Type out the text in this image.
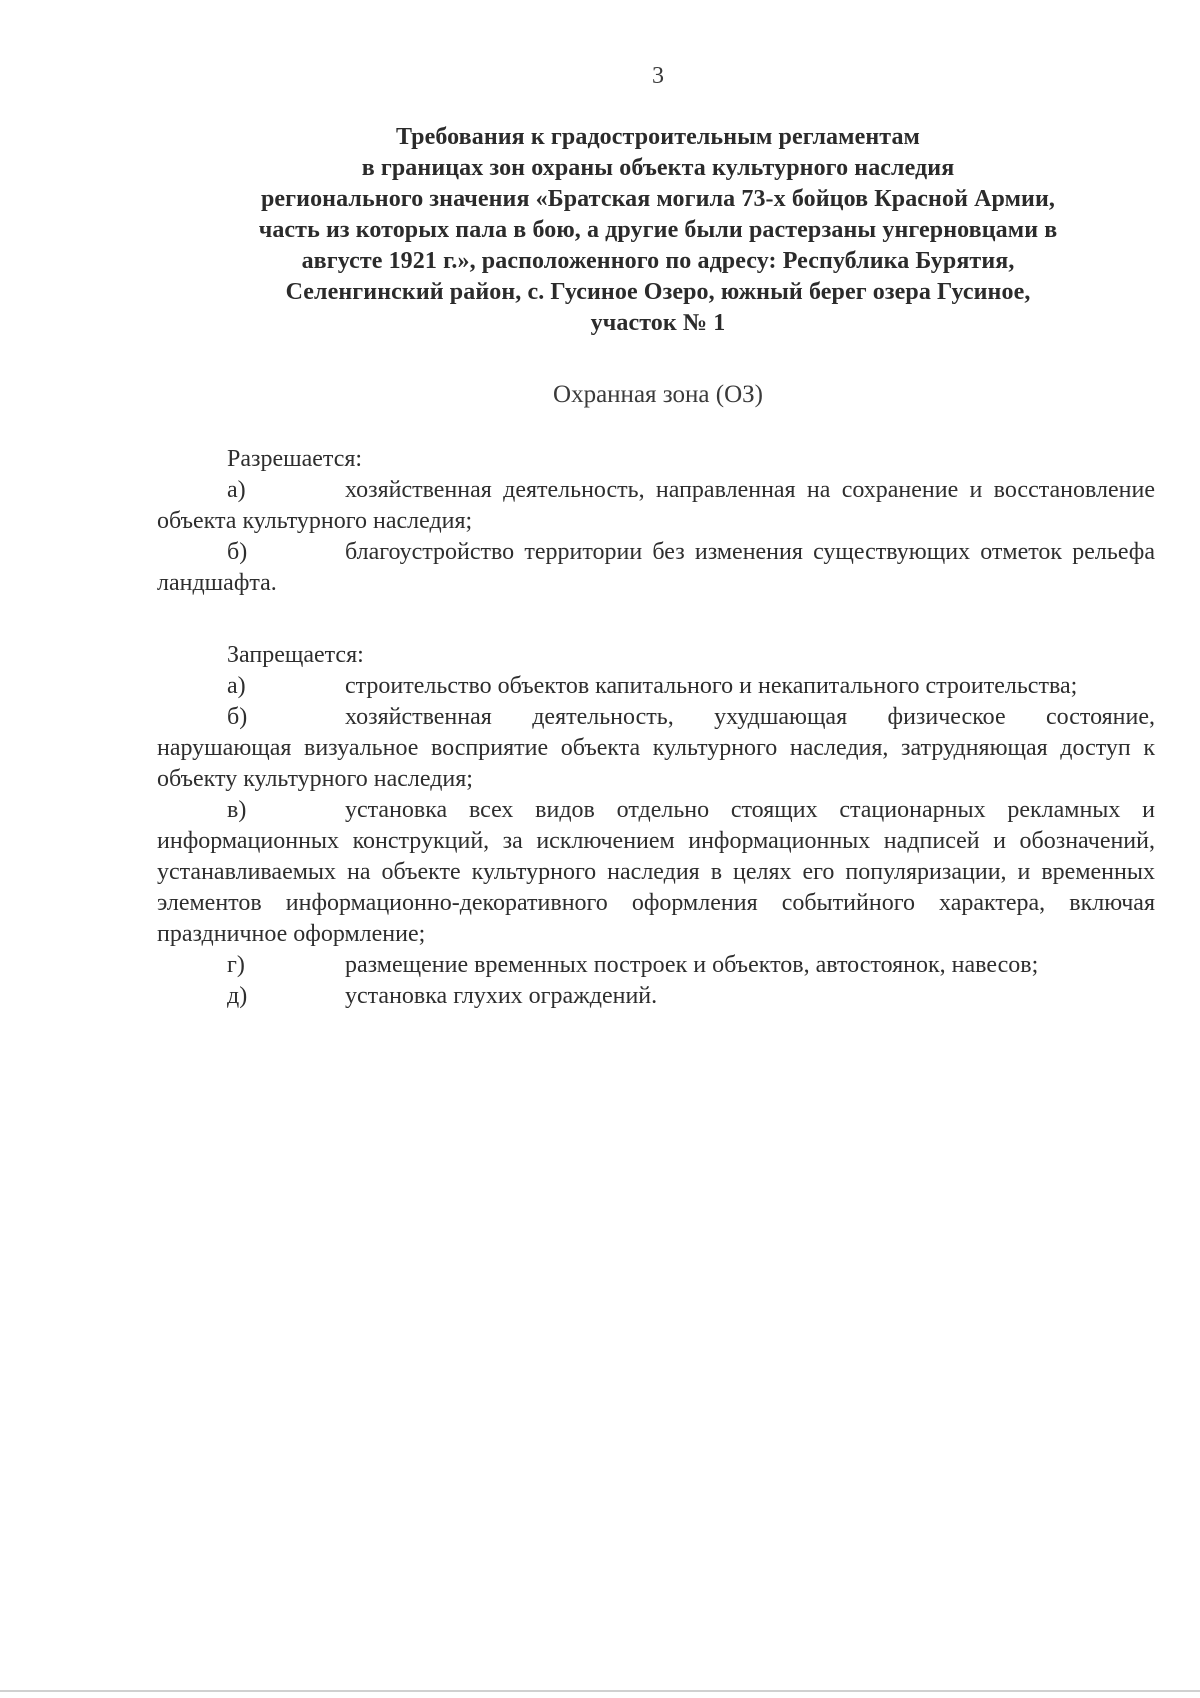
3
Требования к градостроительным регламентам
в границах зон охраны объекта культурного наследия
регионального значения «Братская могила 73-х бойцов Красной Армии,
часть из которых пала в бою, а другие были растерзаны унгерновцами в
августе 1921 г.», расположенного по адресу: Республика Бурятия,
Селенгинский район, с. Гусиное Озеро, южный берег озера Гусиное,
участок № 1
Охранная зона (ОЗ)

Разрешается:

а)	хозяйственная деятельность, направленная на сохранение и восстановление объекта культурного наследия;

б)	благоустройство территории без изменения существующих отметок рельефа ландшафта.

Запрещается:

а)	строительство объектов капитального и некапитального строительства;

б)	хозяйственная деятельность, ухудшающая физическое состояние, нарушающая визуальное восприятие объекта культурного наследия, затрудняющая доступ к объекту культурного наследия;

в)	установка всех видов отдельно стоящих стационарных рекламных и информационных конструкций, за исключением информационных надписей и обозначений, устанавливаемых на объекте культурного наследия в целях его популяризации, и временных элементов информационно-декоративного оформления событийного характера, включая праздничное оформление;

г)	размещение временных построек и объектов, автостоянок, навесов;

д)	установка глухих ограждений.
